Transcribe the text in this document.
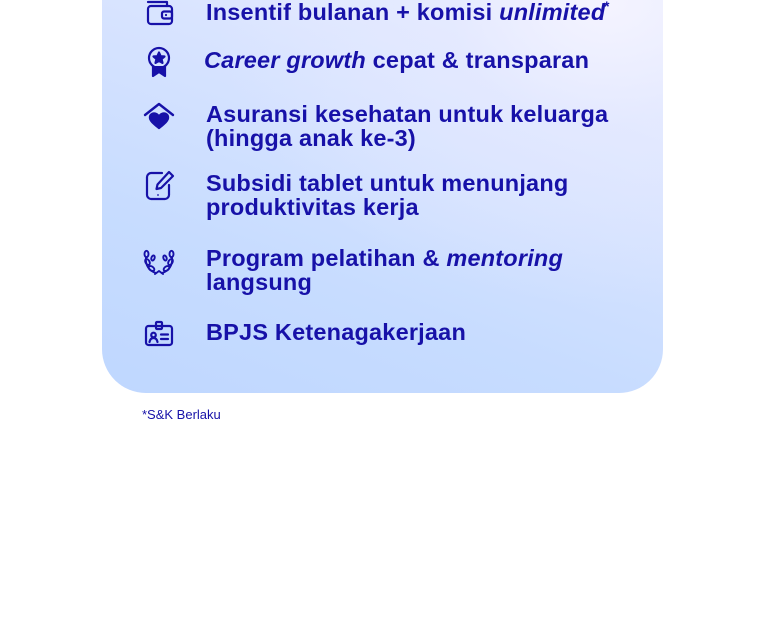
Insentif bulanan + komisi unlimited
*
Career growth cepat & transparan
Asuransi kesehatan untuk keluarga
(hingga anak ke-3)
Subsidi tablet untuk menunjang
produktivitas kerja
Program pelatihan & mentoring
langsung
BPJS Ketenagakerjaan
*S&K Berlaku
